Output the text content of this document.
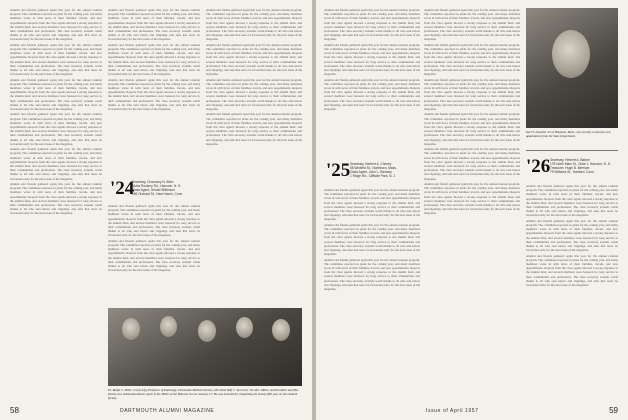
Alumni and friends gathered again this year for the annual reunion program. The committee reported on plans for the coming year, and many members wrote in with news of their families, travels, and new appointments. Reports from the class agents showed a strong response to the alumni fund, and several members were honored for long service to their communities and professions. The class secretary extends warm thanks to all who sent letters and clippings, and asks that news be forwarded early for the next issue of the magazine.

Alumni and friends gathered again this year for the annual reunion program. The committee reported on plans for the coming year, and many members wrote in with news of their families, travels, and new appointments. Reports from the class agents showed a strong response to the alumni fund, and several members were honored for long service to their communities and professions. The class secretary extends warm thanks to all who sent letters and clippings, and asks that news be forwarded early for the next issue of the magazine.

Alumni and friends gathered again this year for the annual reunion program. The committee reported on plans for the coming year, and many members wrote in with news of their families, travels, and new appointments. Reports from the class agents showed a strong response to the alumni fund, and several members were honored for long service to their communities and professions. The class secretary extends warm thanks to all who sent letters and clippings, and asks that news be forwarded early for the next issue of the magazine.

Alumni and friends gathered again this year for the annual reunion program. The committee reported on plans for the coming year, and many members wrote in with news of their families, travels, and new appointments. Reports from the class agents showed a strong response to the alumni fund, and several members were honored for long service to their communities and professions. The class secretary extends warm thanks to all who sent letters and clippings, and asks that news be forwarded early for the next issue of the magazine.

Alumni and friends gathered again this year for the annual reunion program. The committee reported on plans for the coming year, and many members wrote in with news of their families, travels, and new appointments. Reports from the class agents showed a strong response to the alumni fund, and several members were honored for long service to their communities and professions. The class secretary extends warm thanks to all who sent letters and clippings, and asks that news be forwarded early for the next issue of the magazine.

Alumni and friends gathered again this year for the annual reunion program. The committee reported on plans for the coming year, and many members wrote in with news of their families, travels, and new appointments. Reports from the class agents showed a strong response to the alumni fund, and several members were honored for long service to their communities and professions. The class secretary extends warm thanks to all who sent letters and clippings, and asks that news be forwarded early for the next issue of the magazine.

Alumni and friends gathered again this year for the annual reunion program. The committee reported on plans for the coming year, and many members wrote in with news of their families, travels, and new appointments. Reports from the class agents showed a strong response to the alumni fund, and several members were honored for long service to their communities and professions. The class secretary extends warm thanks to all who sent letters and clippings, and asks that news be forwarded early for the next issue of the magazine.

Alumni and friends gathered again this year for the annual reunion program. The committee reported on plans for the coming year, and many members wrote in with news of their families, travels, and new appointments. Reports from the class agents showed a strong response to the alumni fund, and several members were honored for long service to their communities and professions. The class secretary extends warm thanks to all who sent letters and clippings, and asks that news be forwarded early for the next issue of the magazine.

Alumni and friends gathered again this year for the annual reunion program. The committee reported on plans for the coming year, and many members wrote in with news of their families, travels, and new appointments. Reports from the class agents showed a strong response to the alumni fund, and several members were honored for long service to their communities and professions. The class secretary extends warm thanks to all who sent letters and clippings, and asks that news be forwarded early for the next issue of the magazine.

'24
Secretary, Chauncey N. Allen
Aloha Rockery Rd., Hanover, N. H.
Class Agent, Gerald Wilkinson
596 Orchard St., New Haven, Conn.

Alumni and friends gathered again this year for the annual reunion program. The committee reported on plans for the coming year, and many members wrote in with news of their families, travels, and new appointments. Reports from the class agents showed a strong response to the alumni fund, and several members were honored for long service to their communities and professions. The class secretary extends warm thanks to all who sent letters and clippings, and asks that news be forwarded early for the next issue of the magazine.

Alumni and friends gathered again this year for the annual reunion program. The committee reported on plans for the coming year, and many members wrote in with news of their families, travels, and new appointments. Reports from the class agents showed a strong response to the alumni fund, and several members were honored for long service to their communities and professions. The class secretary extends warm thanks to all who sent letters and clippings, and asks that news be forwarded early for the next issue of the magazine.

Alumni and friends gathered again this year for the annual reunion program. The committee reported on plans for the coming year, and many members wrote in with news of their families, travels, and new appointments. Reports from the class agents showed a strong response to the alumni fund, and several members were honored for long service to their communities and professions. The class secretary extends warm thanks to all who sent letters and clippings, and asks that news be forwarded early for the next issue of the magazine.

Alumni and friends gathered again this year for the annual reunion program. The committee reported on plans for the coming year, and many members wrote in with news of their families, travels, and new appointments. Reports from the class agents showed a strong response to the alumni fund, and several members were honored for long service to their communities and professions. The class secretary extends warm thanks to all who sent letters and clippings, and asks that news be forwarded early for the next issue of the magazine.

Alumni and friends gathered again this year for the annual reunion program. The committee reported on plans for the coming year, and many members wrote in with news of their families, travels, and new appointments. Reports from the class agents showed a strong response to the alumni fund, and several members were honored for long service to their communities and professions. The class secretary extends warm thanks to all who sent letters and clippings, and asks that news be forwarded early for the next issue of the magazine.

Alumni and friends gathered again this year for the annual reunion program. The committee reported on plans for the coming year, and many members wrote in with news of their families, travels, and new appointments. Reports from the class agents showed a strong response to the alumni fund, and several members were honored for long service to their communities and professions. The class secretary extends warm thanks to all who sent letters and clippings, and asks that news be forwarded early for the next issue of the magazine.

Dr. Ralph C. Miller '24 (at left), Professor of Pathology, Dartmouth Medical School, with Dean Rolf C. Syvertsen '18, Mrs. Miller, and President and Mrs. Dickey at a testimonial dinner given to Dr. Miller at the Hanover Inn on January 17. He was honored for completing his twenty-fifth year on the medical faculty.
58	DARTMOUTH ALUMNI MAGAZINE

Alumni and friends gathered again this year for the annual reunion program. The committee reported on plans for the coming year, and many members wrote in with news of their families, travels, and new appointments. Reports from the class agents showed a strong response to the alumni fund, and several members were honored for long service to their communities and professions. The class secretary extends warm thanks to all who sent letters and clippings, and asks that news be forwarded early for the next issue of the magazine.

Alumni and friends gathered again this year for the annual reunion program. The committee reported on plans for the coming year, and many members wrote in with news of their families, travels, and new appointments. Reports from the class agents showed a strong response to the alumni fund, and several members were honored for long service to their communities and professions. The class secretary extends warm thanks to all who sent letters and clippings, and asks that news be forwarded early for the next issue of the magazine.

Alumni and friends gathered again this year for the annual reunion program. The committee reported on plans for the coming year, and many members wrote in with news of their families, travels, and new appointments. Reports from the class agents showed a strong response to the alumni fund, and several members were honored for long service to their communities and professions. The class secretary extends warm thanks to all who sent letters and clippings, and asks that news be forwarded early for the next issue of the magazine.

'25 Secretary, Herbert A. Cheney
58 Winfield St., Northboro, Mass.
Class Agent, John L. Ramsey
1 Ridge Rd., Cliffside Park, N. J.

Alumni and friends gathered again this year for the annual reunion program. The committee reported on plans for the coming year, and many members wrote in with news of their families, travels, and new appointments. Reports from the class agents showed a strong response to the alumni fund, and several members were honored for long service to their communities and professions. The class secretary extends warm thanks to all who sent letters and clippings, and asks that news be forwarded early for the next issue of the magazine.

Alumni and friends gathered again this year for the annual reunion program. The committee reported on plans for the coming year, and many members wrote in with news of their families, travels, and new appointments. Reports from the class agents showed a strong response to the alumni fund, and several members were honored for long service to their communities and professions. The class secretary extends warm thanks to all who sent letters and clippings, and asks that news be forwarded early for the next issue of the magazine.

Alumni and friends gathered again this year for the annual reunion program. The committee reported on plans for the coming year, and many members wrote in with news of their families, travels, and new appointments. Reports from the class agents showed a strong response to the alumni fund, and several members were honored for long service to their communities and professions. The class secretary extends warm thanks to all who sent letters and clippings, and asks that news be forwarded early for the next issue of the magazine.

Alumni and friends gathered again this year for the annual reunion program. The committee reported on plans for the coming year, and many members wrote in with news of their families, travels, and new appointments. Reports from the class agents showed a strong response to the alumni fund, and several members were honored for long service to their communities and professions. The class secretary extends warm thanks to all who sent letters and clippings, and asks that news be forwarded early for the next issue of the magazine.

Alumni and friends gathered again this year for the annual reunion program. The committee reported on plans for the coming year, and many members wrote in with news of their families, travels, and new appointments. Reports from the class agents showed a strong response to the alumni fund, and several members were honored for long service to their communities and professions. The class secretary extends warm thanks to all who sent letters and clippings, and asks that news be forwarded early for the next issue of the magazine.

Alumni and friends gathered again this year for the annual reunion program. The committee reported on plans for the coming year, and many members wrote in with news of their families, travels, and new appointments. Reports from the class agents showed a strong response to the alumni fund, and several members were honored for long service to their communities and professions. The class secretary extends warm thanks to all who sent letters and clippings, and asks that news be forwarded early for the next issue of the magazine.

Alumni and friends gathered again this year for the annual reunion program. The committee reported on plans for the coming year, and many members wrote in with news of their families, travels, and new appointments. Reports from the class agents showed a strong response to the alumni fund, and several members were honored for long service to their communities and professions. The class secretary extends warm thanks to all who sent letters and clippings, and asks that news be forwarded early for the next issue of the magazine.

Alumni and friends gathered again this year for the annual reunion program. The committee reported on plans for the coming year, and many members wrote in with news of their families, travels, and new appointments. Reports from the class agents showed a strong response to the alumni fund, and several members were honored for long service to their communities and professions. The class secretary extends warm thanks to all who sent letters and clippings, and asks that news be forwarded early for the next issue of the magazine.

Alumni and friends gathered again this year for the annual reunion program. The committee reported on plans for the coming year, and many members wrote in with news of their families, travels, and new appointments. Reports from the class agents showed a strong response to the alumni fund, and several members were honored for long service to their communities and professions. The class secretary extends warm thanks to all who sent letters and clippings, and asks that news be forwarded early for the next issue of the magazine.

Karl F. Lipsettle '25 of Hingham, Mass., has recently received a new appointment from the State Department.
'26 Secretary, Herbert A. Barker
178 North Main St., Suite 1, Hanover, N. H.
Treasurer, Hugh B. Merriam
79 Williams St., Hartford, Conn.

Alumni and friends gathered again this year for the annual reunion program. The committee reported on plans for the coming year, and many members wrote in with news of their families, travels, and new appointments. Reports from the class agents showed a strong response to the alumni fund, and several members were honored for long service to their communities and professions. The class secretary extends warm thanks to all who sent letters and clippings, and asks that news be forwarded early for the next issue of the magazine.

Alumni and friends gathered again this year for the annual reunion program. The committee reported on plans for the coming year, and many members wrote in with news of their families, travels, and new appointments. Reports from the class agents showed a strong response to the alumni fund, and several members were honored for long service to their communities and professions. The class secretary extends warm thanks to all who sent letters and clippings, and asks that news be forwarded early for the next issue of the magazine.

Alumni and friends gathered again this year for the annual reunion program. The committee reported on plans for the coming year, and many members wrote in with news of their families, travels, and new appointments. Reports from the class agents showed a strong response to the alumni fund, and several members were honored for long service to their communities and professions. The class secretary extends warm thanks to all who sent letters and clippings, and asks that news be forwarded early for the next issue of the magazine.

Issue of April 1957	59
